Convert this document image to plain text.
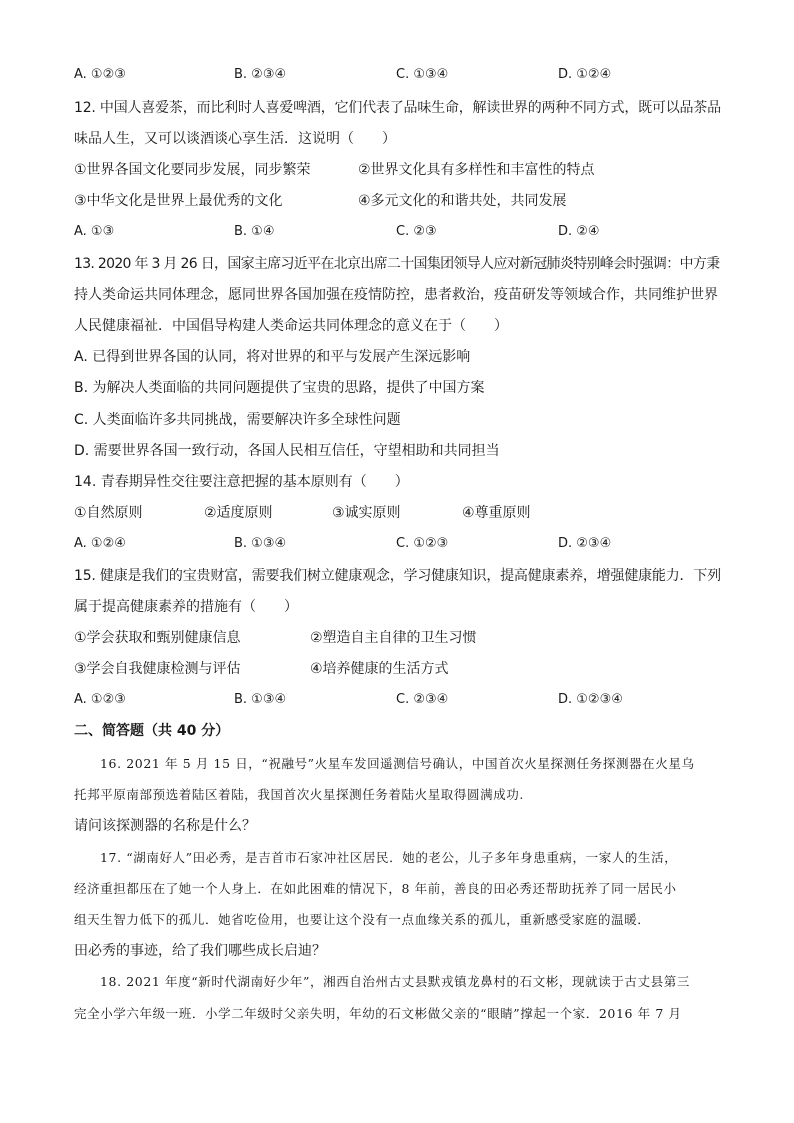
A. ①②③	B. ②③④	C. ①③④	D. ①②④
12. 中国人喜爱茶，而比利时人喜爱啤酒，它们代表了品味生命，解读世界的两种不同方式，既可以品茶品
味品人生，又可以谈酒谈心享生活．这说明（　　）
①世界各国文化要同步发展，同步繁荣	②世界文化具有多样性和丰富性的特点
③中华文化是世界上最优秀的文化	④多元文化的和谐共处，共同发展
A. ①③	B. ①④	C. ②③	D. ②④
13. 2020 年 3 月 26 日，国家主席习近平在北京出席二十国集团领导人应对新冠肺炎特别峰会时强调：中方秉
持人类命运共同体理念，愿同世界各国加强在疫情防控，患者救治，疫苗研发等领域合作，共同维护世界
人民健康福祉．中国倡导构建人类命运共同体理念的意义在于（　　）
A. 已得到世界各国的认同，将对世界的和平与发展产生深远影响
B. 为解决人类面临的共同问题提供了宝贵的思路，提供了中国方案
C. 人类面临许多共同挑战，需要解决许多全球性问题
D. 需要世界各国一致行动，各国人民相互信任，守望相助和共同担当
14. 青春期异性交往要注意把握的基本原则有（　　）
①自然原则	②适度原则	③诚实原则	④尊重原则
A. ①②④	B. ①③④	C. ①②③	D. ②③④
15. 健康是我们的宝贵财富，需要我们树立健康观念，学习健康知识，提高健康素养，增强健康能力．下列
属于提高健康素养的措施有（　　）
①学会获取和甄别健康信息	②塑造自主自律的卫生习惯
③学会自我健康检测与评估	④培养健康的生活方式
A. ①②③	B. ①③④	C. ②③④	D. ①②③④
二、简答题（共 40 分）
16. 2021 年 5 月 15 日，“祝融号”火星车发回遥测信号确认，中国首次火星探测任务探测器在火星乌
托邦平原南部预选着陆区着陆，我国首次火星探测任务着陆火星取得圆满成功.
请问该探测器的名称是什么？
17. “湖南好人”田必秀，是吉首市石家冲社区居民．她的老公，儿子多年身患重病，一家人的生活，
经济重担都压在了她一个人身上．在如此困难的情况下，8 年前，善良的田必秀还帮助抚养了同一居民小
组天生智力低下的孤儿．她省吃俭用，也要让这个没有一点血缘关系的孤儿，重新感受家庭的温暖．
田必秀的事迹，给了我们哪些成长启迪？
18. 2021 年度“新时代湖南好少年”，湘西自治州古丈县默戎镇龙鼻村的石文彬，现就读于古丈县第三
完全小学六年级一班．小学二年级时父亲失明，年幼的石文彬做父亲的“眼睛”撑起一个家．2016 年 7 月
